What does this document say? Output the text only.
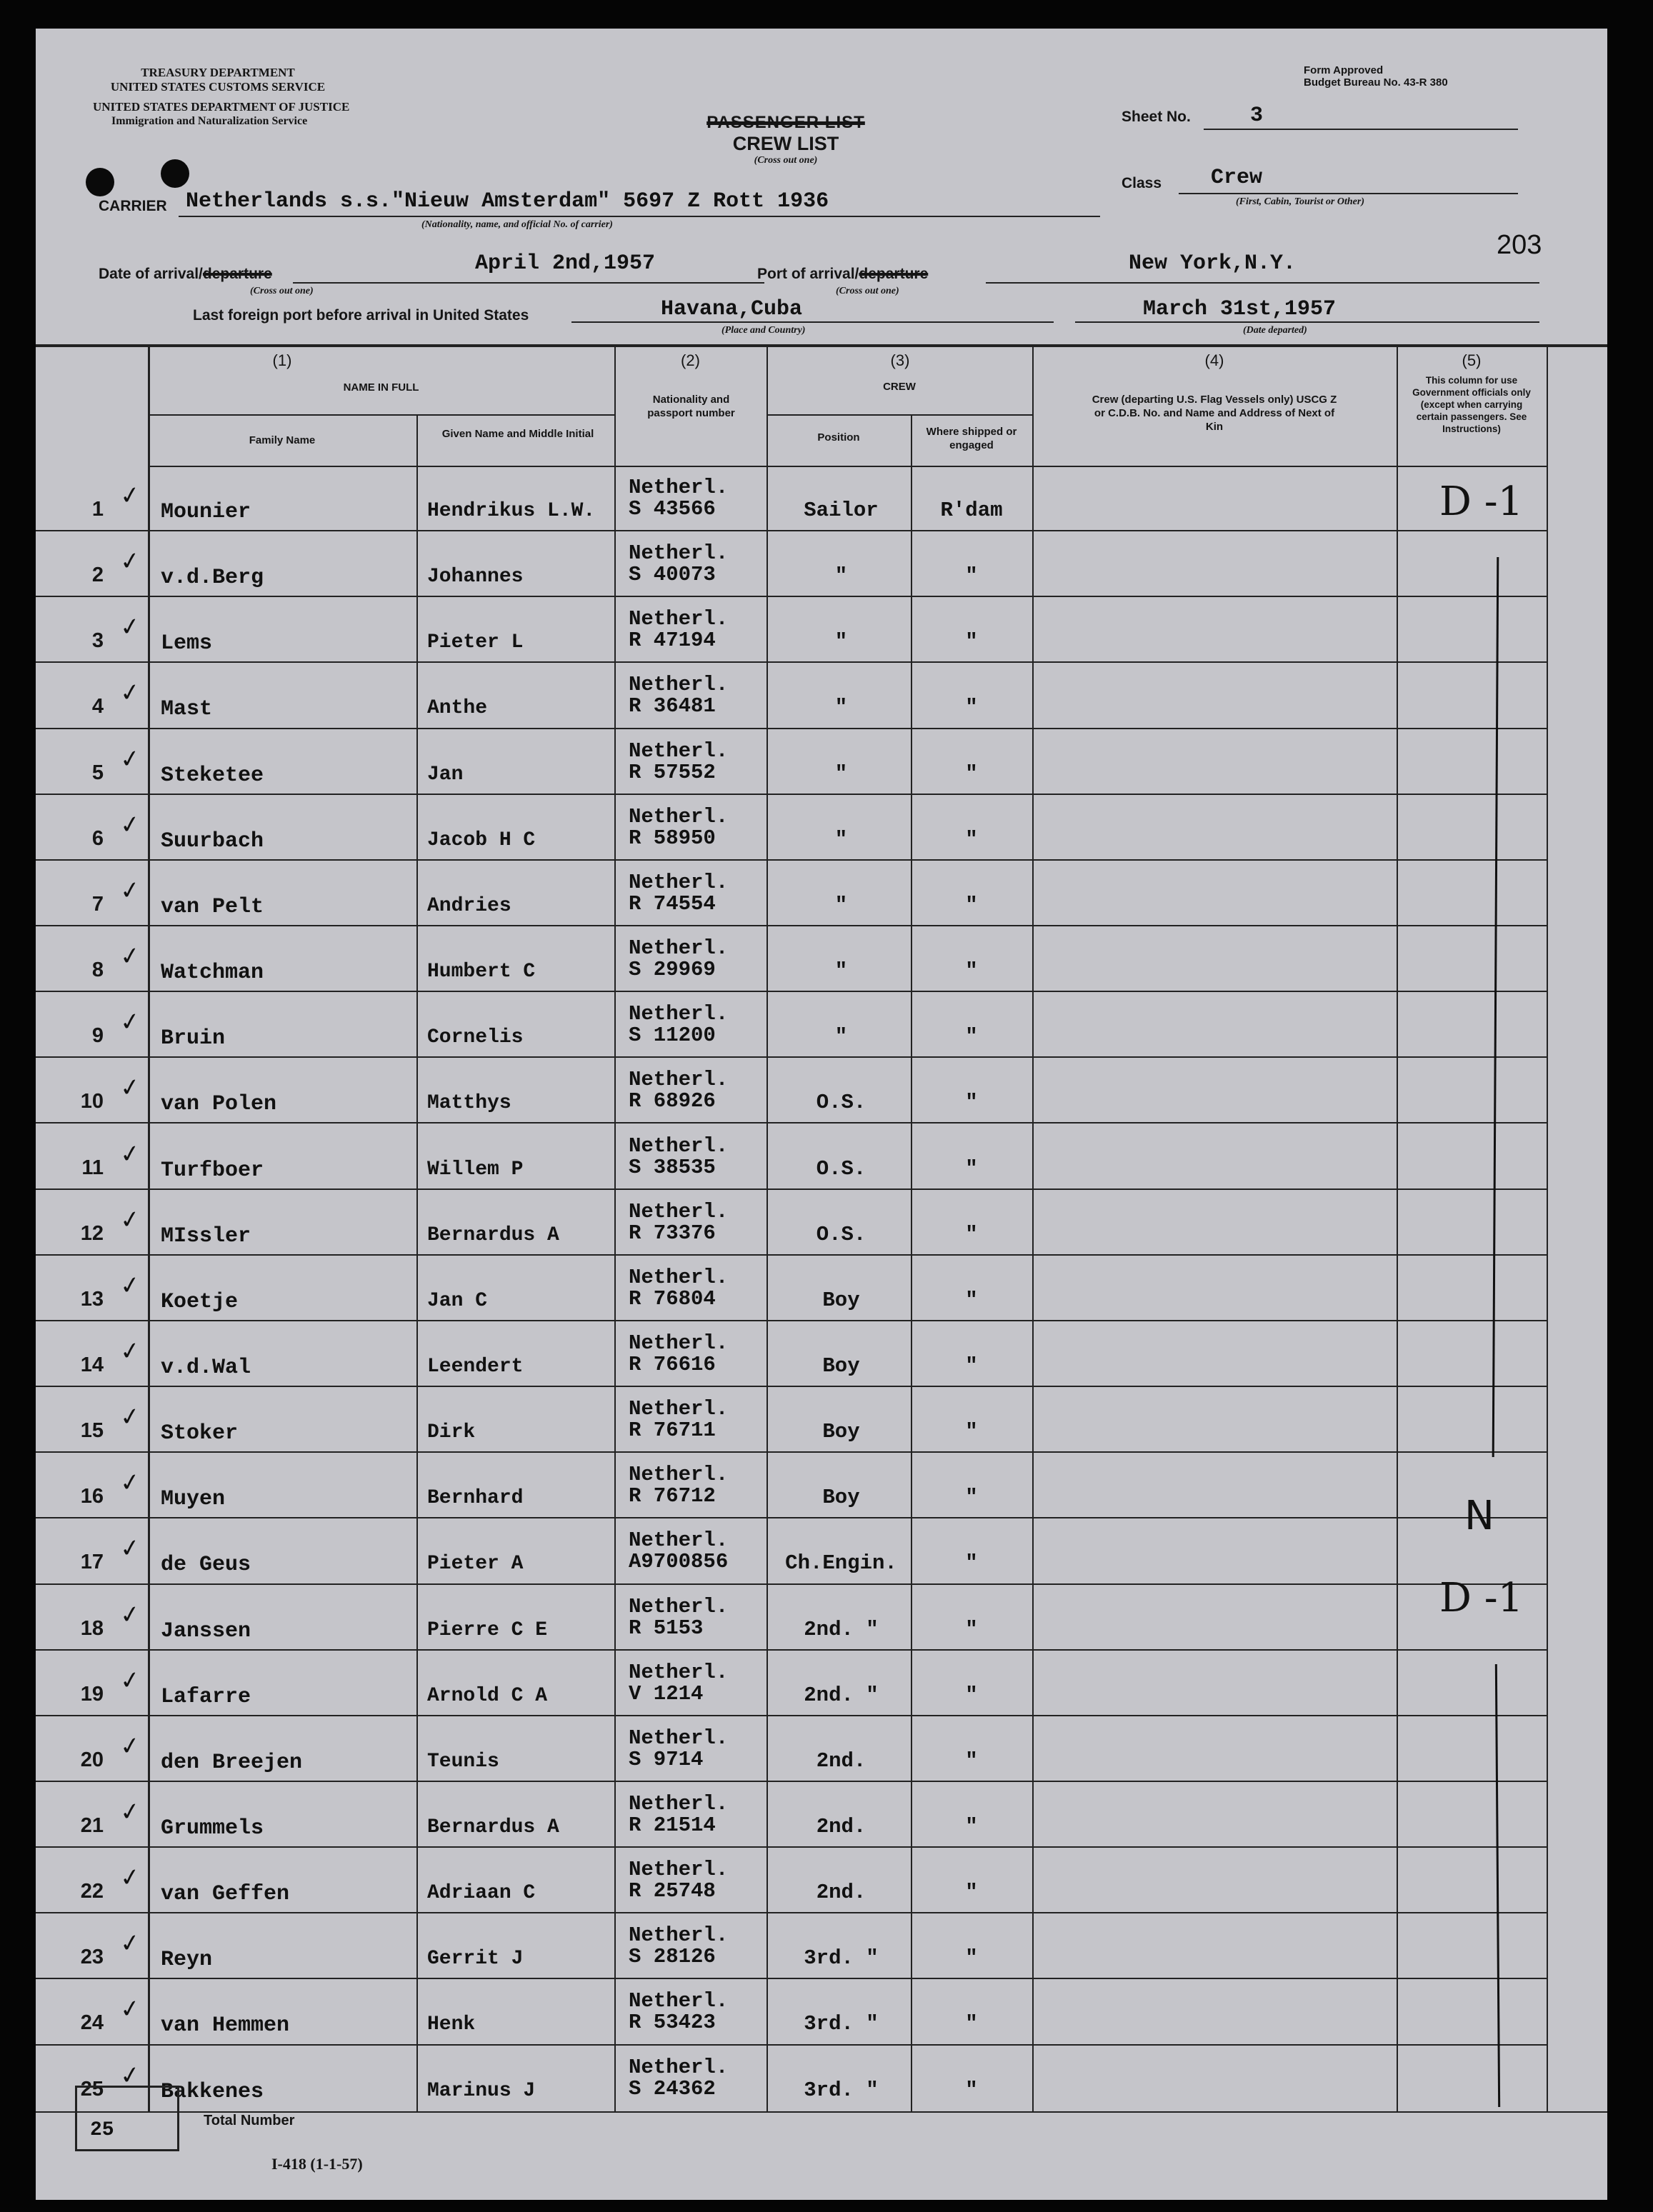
TREASURY DEPARTMENT
UNITED STATES CUSTOMS SERVICE
UNITED STATES DEPARTMENT OF JUSTICE
Immigration and Naturalization Service
Form Approved
Budget Bureau No. 43-R 380
PASSENGER LIST
CREW LIST
(Cross out one)
Sheet No.	3
Class Crew
(First, Cabin, Tourist or Other)
CARRIER Netherlands s.s."Nieuw Amsterdam" 5697 Z Rott 1936
(Nationality, name, and official No. of carrier)
203
Date of arrival/departure	April 2nd,1957
(Cross out one)
Port of arrival/departure	New York,N.Y.
(Cross out one)
Last foreign port before arrival in United States	Havana,Cuba
(Place and Country)
March 31st,1957
(Date departed)
(1)
NAME IN FULL
Family Name
Given Name and Middle Initial
(2)
Nationality and passport number
(3)
CREW
Position	Where shipped or engaged
(4)
Crew (departing U.S. Flag Vessels only) USCG Z or C.D.B. No. and Name and Address of Next of Kin
(5)
This column for use Government officials only (except when carrying certain passengers. See Instructions)
1 ✓
Mounier	Hendrikus L.W.
Netherl.
S 43566	Sailor	R'dam
2 ✓
v.d.Berg	Johannes
Netherl.
S 40073	"	"
3 ✓
Lems	Pieter L
Netherl.
R 47194	"	"
4 ✓
Mast	Anthe
Netherl.
R 36481	"	"
5 ✓
Steketee	Jan
Netherl.
R 57552	"	"
6 ✓
Suurbach	Jacob H C
Netherl.
R 58950	"	"
7 ✓
van Pelt	Andries
Netherl.
R 74554	"	"
8 ✓
Watchman	Humbert C
Netherl.
S 29969	"	"
9 ✓
Bruin	Cornelis
Netherl.
S 11200	"	"
10 ✓
van Polen	Matthys
Netherl.
R 68926	O.S.	"
11 ✓
Turfboer	Willem P
Netherl.
S 38535	O.S.	"
12 ✓
MIssler	Bernardus A
Netherl.
R 73376	O.S.	"
13 ✓
Koetje	Jan C
Netherl.
R 76804	Boy	"
14 ✓
v.d.Wal	Leendert
Netherl.
R 76616	Boy	"
15 ✓
Stoker	Dirk
Netherl.
R 76711	Boy	"
16 ✓
Muyen	Bernhard
Netherl.
R 76712	Boy	"
17 ✓
de Geus	Pieter A
Netherl.
A9700856	Ch.Engin.	"
18 ✓
Janssen	Pierre C E
Netherl.
R 5153	2nd. "	"
19 ✓
Lafarre	Arnold C A
Netherl.
V 1214	2nd. "	"
20 ✓
den Breejen	Teunis
Netherl.
S 9714	2nd.	"
21 ✓
Grummels	Bernardus A
Netherl.
R 21514	2nd.	"
22 ✓
van Geffen	Adriaan C
Netherl.
R 25748	2nd.	"
23 ✓
Reyn	Gerrit J
Netherl.
S 28126	3rd. "	"
24 ✓
van Hemmen	Henk
Netherl.
R 53423	3rd. "	"
25 ✓
Bakkenes	Marinus J
Netherl.
S 24362	3rd. "	"
D -1
N
D -1
25	Total Number
I-418 (1-1-57)
